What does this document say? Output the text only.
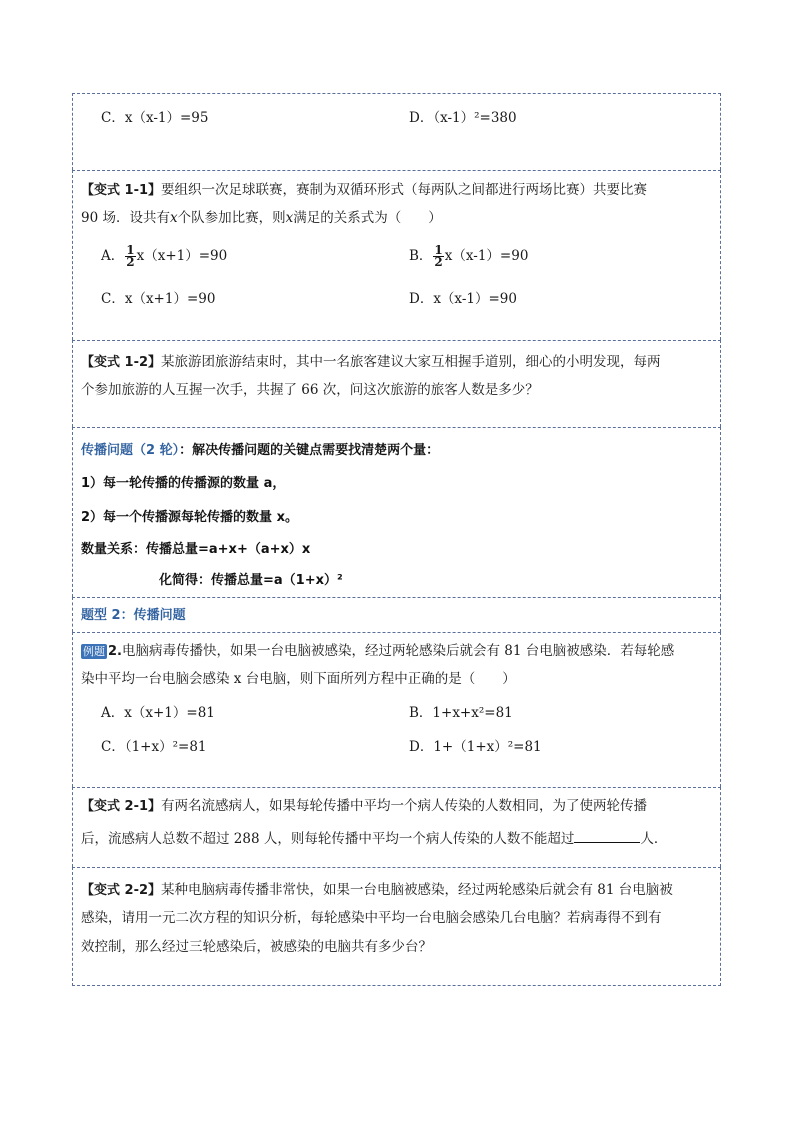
C．x（x-1）=95	D．（x-1）²=380
【变式 1-1】要组织一次足球联赛，赛制为双循环形式（每两队之间都进行两场比赛）共要比赛
90 场．设共有x个队参加比赛，则x满足的关系式为（　　）
A． $\frac{1}{2} x(x+1)=90$	B． $\frac{1}{2} x(x-1)=90$
C．x（x+1）=90	D．x（x-1）=90
【变式 1-2】某旅游团旅游结束时，其中一名旅客建议大家互相握手道别，细心的小明发现，每两
个参加旅游的人互握一次手，共握了 66 次，问这次旅游的旅客人数是多少？
传播问题（2 轮）：解决传播问题的关键点需要找清楚两个量：
1）每一轮传播的传播源的数量 a，
2）每一个传播源每轮传播的数量 x。
数量关系：传播总量=a+x+（a+x）x
化简得：传播总量=a（1+x）²
题型 2：传播问题
例题 2.电脑病毒传播快，如果一台电脑被感染，经过两轮感染后就会有 81 台电脑被感染．若每轮感
染中平均一台电脑会感染 x 台电脑，则下面所列方程中正确的是（　　）
A．x（x+1）=81	B．1+x+x²=81
C．（1+x）²=81	D．1+（1+x）²=81
【变式 2-1】有两名流感病人，如果每轮传播中平均一个病人传染的人数相同，为了使两轮传播
后，流感病人总数不超过 288 人，则每轮传播中平均一个病人传染的人数不能超过	人．
【变式 2-2】某种电脑病毒传播非常快，如果一台电脑被感染，经过两轮感染后就会有 81 台电脑被
感染，请用一元二次方程的知识分析，每轮感染中平均一台电脑会感染几台电脑？若病毒得不到有
效控制，那么经过三轮感染后，被感染的电脑共有多少台？
